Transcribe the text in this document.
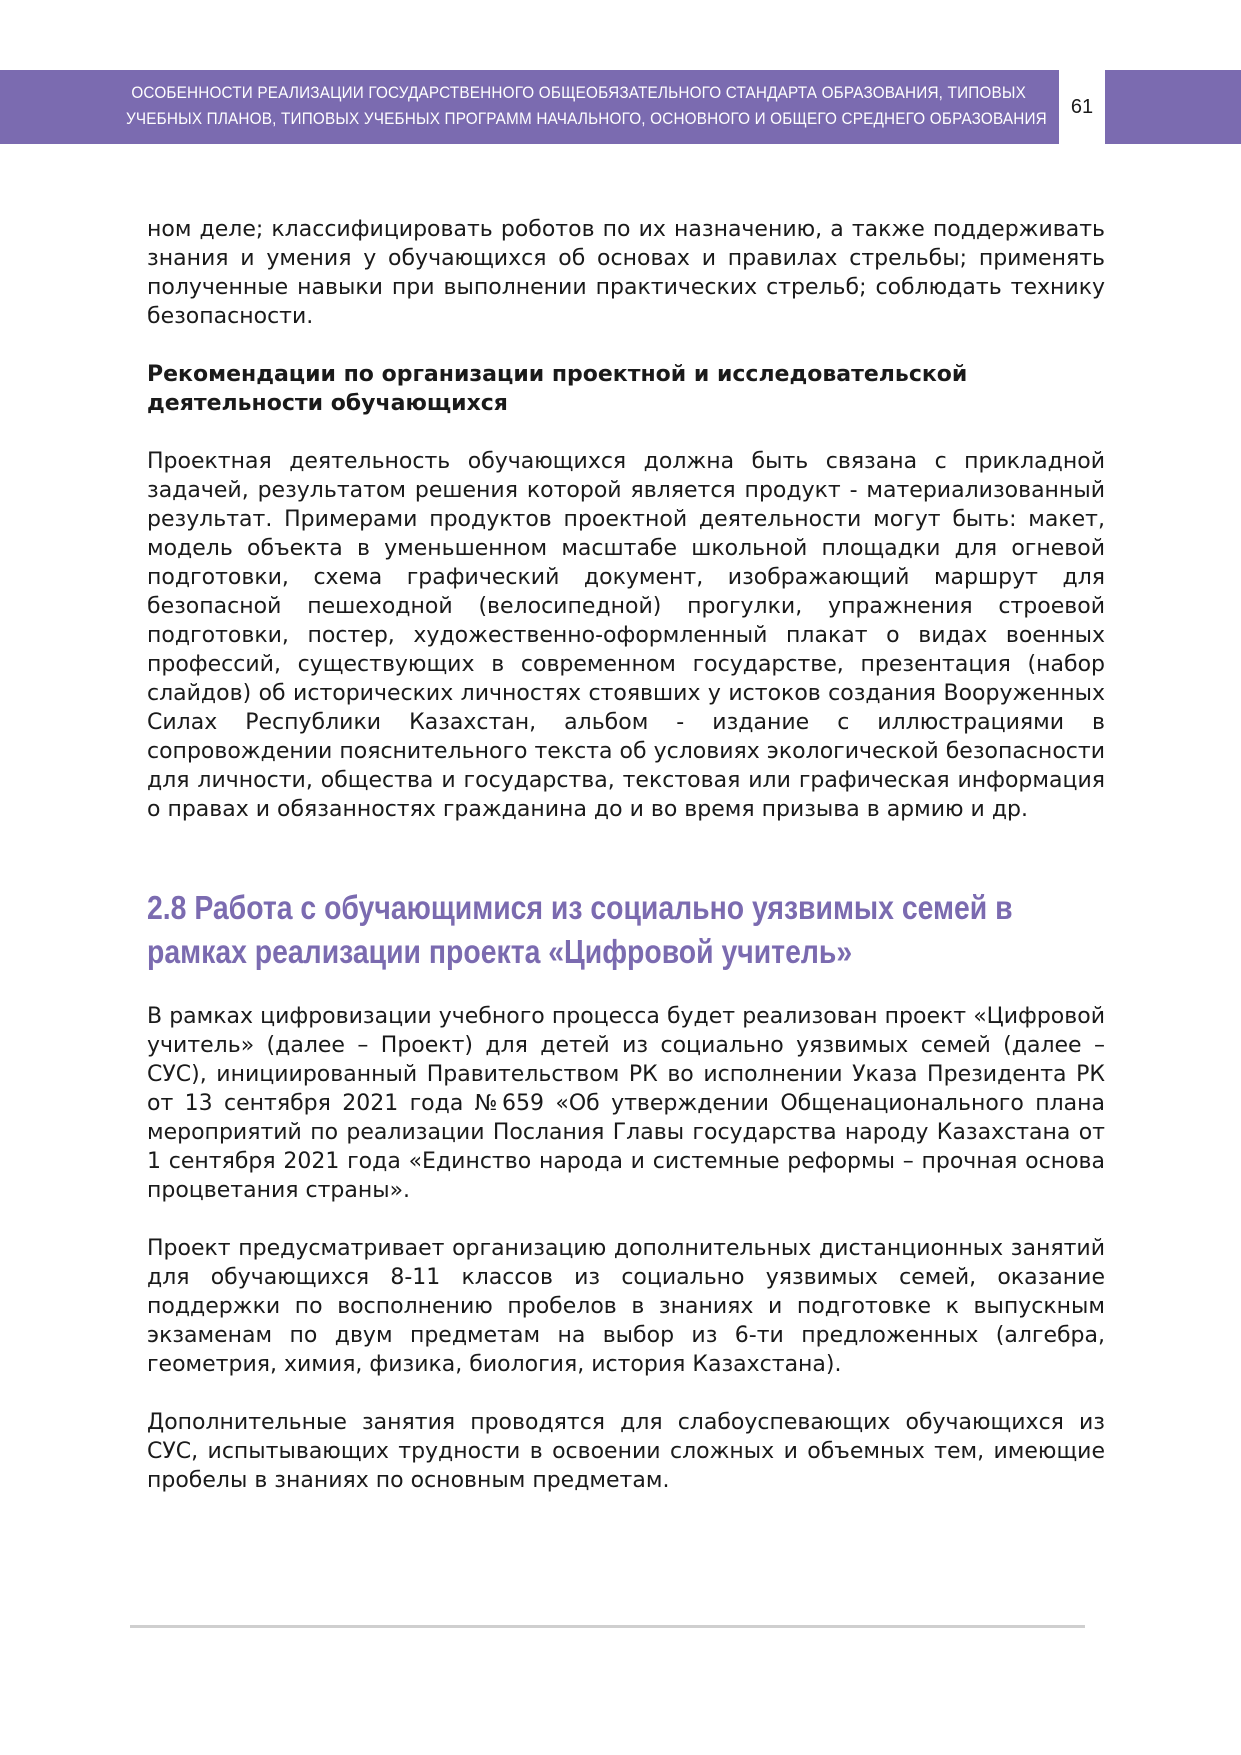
ОСОБЕННОСТИ РЕАЛИЗАЦИИ ГОСУДАРСТВЕННОГО ОБЩЕОБЯЗАТЕЛЬНОГО СТАНДАРТА ОБРАЗОВАНИЯ, ТИПОВЫХ
УЧЕБНЫХ ПЛАНОВ, ТИПОВЫХ УЧЕБНЫХ ПРОГРАММ НАЧАЛЬНОГО, ОСНОВНОГО И ОБЩЕГО СРЕДНЕГО ОБРАЗОВАНИЯ
61

ном деле; классифицировать роботов по их назначению, а также поддерживать знания и умения у обучающихся об основах и правилах стрельбы; применять полученные навыки при выполнении практических стрельб; соблюдать технику безопасности.

Рекомендации по организации проектной и исследовательской деятельности обучающихся

Проектная деятельность обучающихся должна быть связана с прикладной задачей, результатом решения которой является продукт - материализованный результат. Примерами продуктов проектной деятельности могут быть: макет, модель объекта в уменьшенном масштабе школьной площадки для огневой подготовки, схема графический документ, изображающий маршрут для безопасной пешеходной (велосипедной) прогулки, упражнения строевой подготовки, постер, художественно-оформленный плакат о видах военных профессий, существующих в современном государстве, презентация (набор слайдов) об исторических личностях стоявших у истоков создания Вооруженных Силах Республики Казахстан, альбом - издание с иллюстрациями в сопровождении пояснительного текста об условиях экологической безопасности для личности, общества и государства, текстовая или графическая информация о правах и обязанностях гражданина до и во время призыва в армию и др.

2.8 Работа с обучающимися из социально уязвимых семей в рамках реализации проекта «Цифровой учитель»

В рамках цифровизации учебного процесса будет реализован проект «Цифровой учитель» (далее – Проект) для детей из социально уязвимых семей (далее – СУС), инициированный Правительством РК во исполнении Указа Президента РК от 13 сентября 2021 года №659 «Об утверждении Общенационального плана мероприятий по реализации Послания Главы государства народу Казахстана от 1 сентября 2021 года «Единство народа и системные реформы – прочная основа процветания страны».

Проект предусматривает организацию дополнительных дистанционных занятий для обучающихся 8-11 классов из социально уязвимых семей, оказание поддержки по восполнению пробелов в знаниях и подготовке к выпускным экзаменам по двум предметам на выбор из 6-ти предложенных (алгебра, геометрия, химия, физика, биология, история Казахстана).

Дополнительные занятия проводятся для слабоуспевающих обучающихся из СУС, испытывающих трудности в освоении сложных и объемных тем, имеющие пробелы в знаниях по основным предметам.
